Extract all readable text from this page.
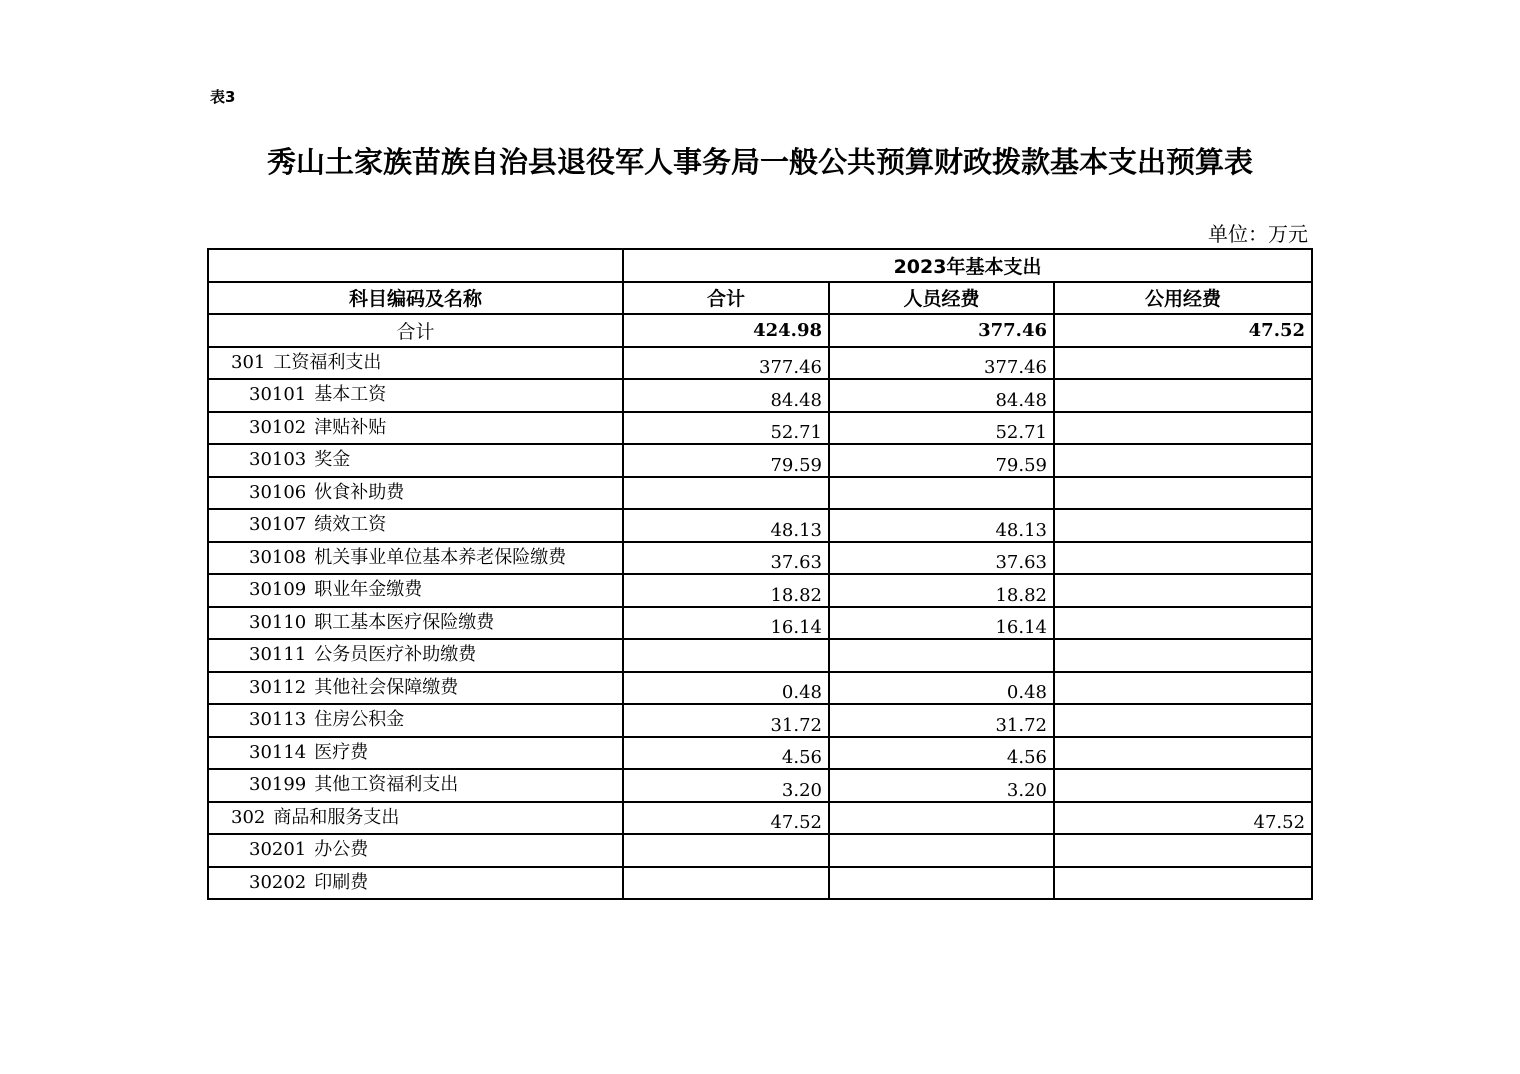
表3
秀山土家族苗族自治县退役军人事务局一般公共预算财政拨款基本支出预算表
单位：万元
	2023年基本支出		
科目编码及名称	合计	人员经费	公用经费
合计	424.98	377.46	47.52
301 工资福利支出	377.46	377.46	
30101 基本工资	84.48	84.48	
30102 津贴补贴	52.71	52.71	
30103 奖金	79.59	79.59	
30106 伙食补助费			
30107 绩效工资	48.13	48.13	
30108 机关事业单位基本养老保险缴费	37.63	37.63	
30109 职业年金缴费	18.82	18.82	
30110 职工基本医疗保险缴费	16.14	16.14	
30111 公务员医疗补助缴费			
30112 其他社会保障缴费	0.48	0.48	
30113 住房公积金	31.72	31.72	
30114 医疗费	4.56	4.56	
30199 其他工资福利支出	3.20	3.20	
302 商品和服务支出	47.52		47.52
30201 办公费			
30202 印刷费			
